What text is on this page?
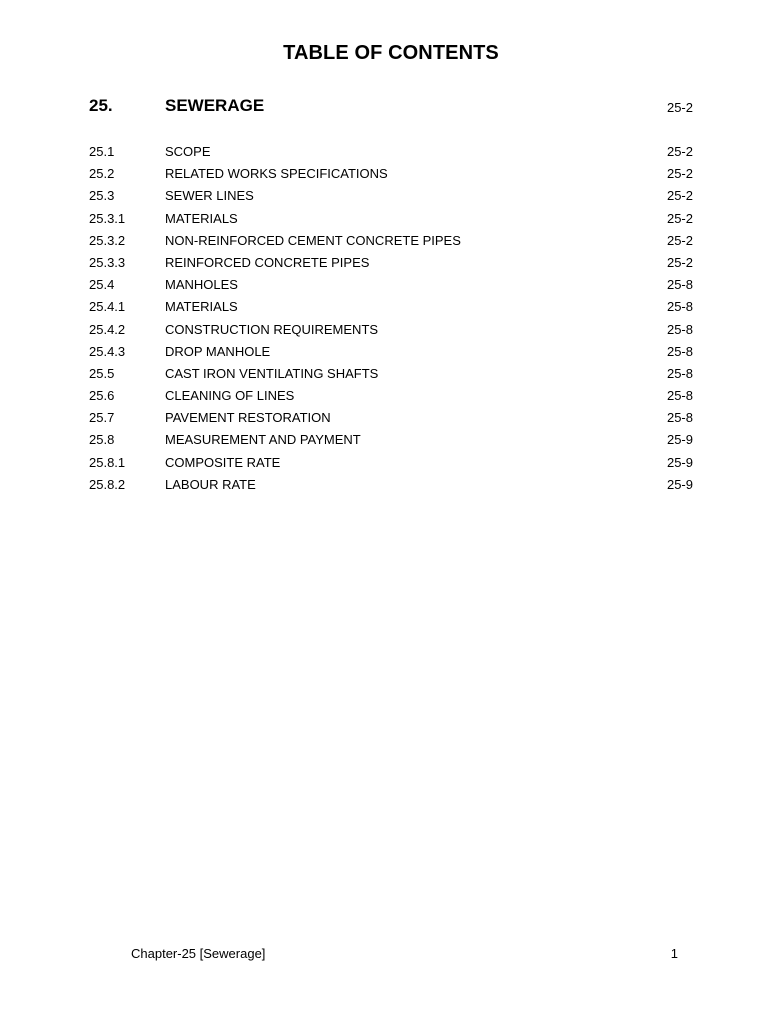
TABLE OF CONTENTS
25.	SEWERAGE	25-2
25.1	SCOPE	25-2
25.2	RELATED WORKS SPECIFICATIONS	25-2
25.3	SEWER LINES	25-2
25.3.1	MATERIALS	25-2
25.3.2	NON-REINFORCED CEMENT CONCRETE PIPES	25-2
25.3.3	REINFORCED CONCRETE PIPES	25-2
25.4	MANHOLES	25-8
25.4.1	MATERIALS	25-8
25.4.2	CONSTRUCTION REQUIREMENTS	25-8
25.4.3	DROP MANHOLE	25-8
25.5	CAST IRON VENTILATING SHAFTS	25-8
25.6	CLEANING OF LINES	25-8
25.7	PAVEMENT RESTORATION	25-8
25.8	MEASUREMENT AND PAYMENT	25-9
25.8.1	COMPOSITE RATE	25-9
25.8.2	LABOUR RATE	25-9
Chapter-25 [Sewerage]	1
